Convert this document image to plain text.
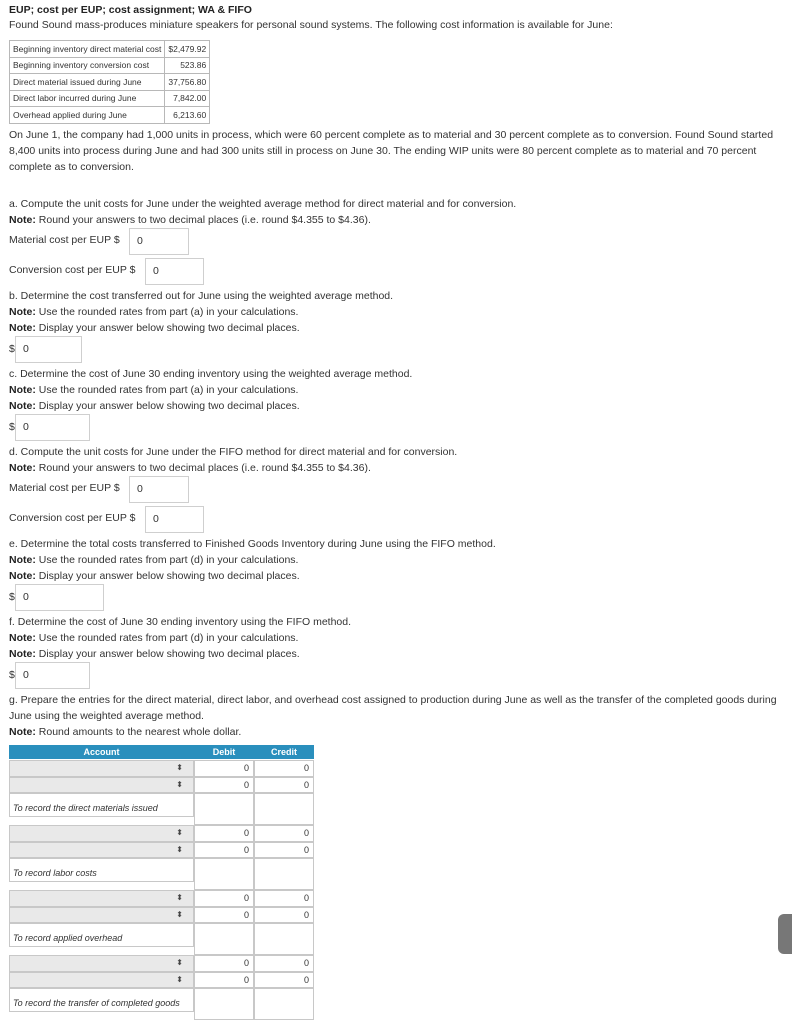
EUP; cost per EUP; cost assignment; WA & FIFO
Found Sound mass-produces miniature speakers for personal sound systems. The following cost information is available for June:
Beginning inventory direct material cost	$2,479.92
Beginning inventory conversion cost	523.86
Direct material issued during June	37,756.80
Direct labor incurred during June	7,842.00
Overhead applied during June	6,213.60
On June 1, the company had 1,000 units in process, which were 60 percent complete as to material and 30 percent complete as to conversion. Found Sound started 8,400 units into process during June and had 300 units still in process on June 30. The ending WIP units were 80 percent complete as to material and 70 percent complete as to conversion.
a. Compute the unit costs for June under the weighted average method for direct material and for conversion.
Note: Round your answers to two decimal places (i.e. round $4.355 to $4.36).
Material cost per EUP $	0
Conversion cost per EUP $	0
b. Determine the cost transferred out for June using the weighted average method.
Note: Use the rounded rates from part (a) in your calculations.
Note: Display your answer below showing two decimal places.
$ 0
c. Determine the cost of June 30 ending inventory using the weighted average method.
Note: Use the rounded rates from part (a) in your calculations.
Note: Display your answer below showing two decimal places.
$ 0
d. Compute the unit costs for June under the FIFO method for direct material and for conversion.
Note: Round your answers to two decimal places (i.e. round $4.355 to $4.36).
Material cost per EUP $	0
Conversion cost per EUP $	0
e. Determine the total costs transferred to Finished Goods Inventory during June using the FIFO method.
Note: Use the rounded rates from part (d) in your calculations.
Note: Display your answer below showing two decimal places.
$ 0
f. Determine the cost of June 30 ending inventory using the FIFO method.
Note: Use the rounded rates from part (d) in your calculations.
Note: Display your answer below showing two decimal places.
$ 0
g. Prepare the entries for the direct material, direct labor, and overhead cost assigned to production during June as well as the transfer of the completed goods during June using the weighted average method.
Note: Round amounts to the nearest whole dollar.
Account	Debit	Credit
⬍	0	0
⬍	0	0
To record the direct materials issued
⬍	0	0
⬍	0	0
To record labor costs
⬍	0	0
⬍	0	0
To record applied overhead
⬍	0	0
⬍	0	0
To record the transfer of completed goods
